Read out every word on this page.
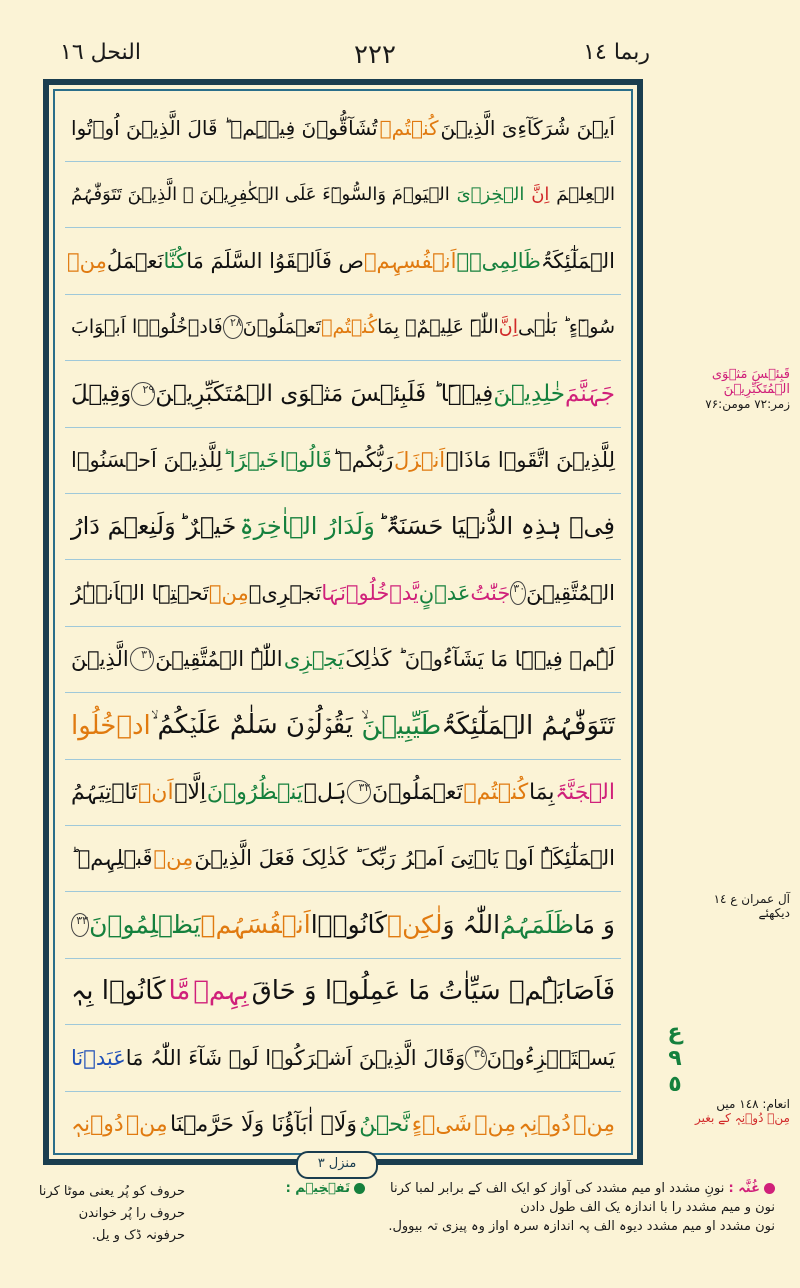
ربما ١٤
٢٢٢
النحل ١٦
اَیۡنَ شُرَکَآءِیَ الَّذِیۡنَ
کُنۡتُمۡ
تُشَآقُّوۡنَ فِیۡہِمۡ ؕ قَالَ الَّذِیۡنَ اُوۡتُوا
الۡعِلۡمَ
اِنَّ
الۡخِزۡیَ
الۡیَوۡمَ وَالسُّوۡٓءَ عَلَی الۡکٰفِرِیۡنَ ۙ الَّذِیۡنَ تَتَوَفّٰہُمُ
الۡمَلٰٓئِکَۃُ
ظَالِمِیۡۤ
اَنۡفُسِہِمۡ
ص فَاَلۡقَوُا السَّلَمَ مَا
کُنَّا
نَعۡمَلُ
مِنۡ
سُوۡٓءٍ ؕ بَلٰۤی
اِنَّ
اللّٰہَ عَلِیۡمٌۢ بِمَا
کُنۡتُمۡ
تَعۡمَلُوۡنَ
٢٨
فَادۡخُلُوۡۤا اَبۡوَابَ
جَہَنَّمَ
خٰلِدِیۡنَ
فِیۡہَا ؕ فَلَبِئۡسَ مَثۡوَی الۡمُتَکَبِّرِیۡنَ
٢٩
وَقِیۡلَ
لِلَّذِیۡنَ اتَّقَوۡا مَاذَاۤ
اَنۡزَلَ
رَبُّکُمۡ ؕ
قَالُوۡا
خَیۡرًا ؕ
لِلَّذِیۡنَ اَحۡسَنُوۡا
فِیۡ ہٰذِہِ الدُّنۡیَا حَسَنَۃٌ ؕ
وَلَدَارُ الۡاٰخِرَۃِ
خَیۡرٌ ؕ
وَلَنِعۡمَ دَارُ
الۡمُتَّقِیۡنَ
٣٠
جَنّٰتُ
عَدۡنٍ
یَّدۡخُلُوۡنَہَا
تَجۡرِیۡ
مِنۡ
تَحۡتِہَا الۡاَنۡہٰرُ
لَہُمۡ فِیۡہَا مَا یَشَآءُوۡنَ ؕ کَذٰلِکَ
یَجۡزِی
اللّٰہُ الۡمُتَّقِیۡنَ
٣١
الَّذِیۡنَ
تَتَوَفّٰہُمُ الۡمَلٰٓئِکَۃُ
طَیِّبِیۡنَ
ۙ یَقُوۡلُوۡنَ سَلٰمٌ عَلَیۡکُمُ ۙ
ادۡخُلُوا
الۡجَنَّۃَ
بِمَا
کُنۡتُمۡ
تَعۡمَلُوۡنَ
٣٢
ہَلۡ
یَنۡظُرُوۡنَ
اِلَّاۤ
اَنۡ
تَاۡتِیَہُمُ
الۡمَلٰٓئِکَۃُ اَوۡ یَاۡتِیَ اَمۡرُ رَبِّکَ ؕ کَذٰلِکَ فَعَلَ الَّذِیۡنَ
مِنۡ
قَبۡلِہِمۡ ؕ
وَ مَا
ظَلَمَہُمُ
اللّٰہُ وَ
لٰکِنۡ
کَانُوۡۤا
اَنۡفُسَہُمۡ
یَظۡلِمُوۡنَ
٣٣
فَاَصَابَہُمۡ سَیِّاٰتُ مَا عَمِلُوۡا وَ حَاقَ
بِہِمۡ
مَّا
کَانُوۡا بِہٖ
یَسۡتَہۡزِءُوۡنَ
٣٤
وَقَالَ الَّذِیۡنَ اَشۡرَکُوۡا لَوۡ شَآءَ اللّٰہُ مَا
عَبَدۡنَا
مِنۡ
دُوۡنِہٖ
مِنۡ
شَیۡءٍ
نَّحۡنُ
وَلَاۤ اٰبَآؤُنَا وَلَا حَرَّمۡنَا
مِنۡ
دُوۡنِہٖ
منزل ۳
قَبِئۡسَ مَثۡوَی الۡمُتَکَبِّرِیۡنَ
زمر:۷۲ مومن:۷۶
آل عمران ع ١٤
دیکھئے
انعام: ١٤٨ میں
مِنۡ دُوۡنِہٖ کے بغیر
ع
٩
٥
غُنَّہ : نونِ مشدد او میم مشدد کی آواز کو ایک الف کے برابر لمبا کرنا
نون و میم مشدد را با اندازہ یک الف طول دادن
نون مشدد او میم مشدد دیوہ الف پہ اندازہ سرہ اواز وہ پیزی تہ بیوول.
تَفۡخِیۡم :
حروف کو پُر یعنی موٹا کرنا
حروف را پُر خواندن
حرفونہ ڈک و یل.
